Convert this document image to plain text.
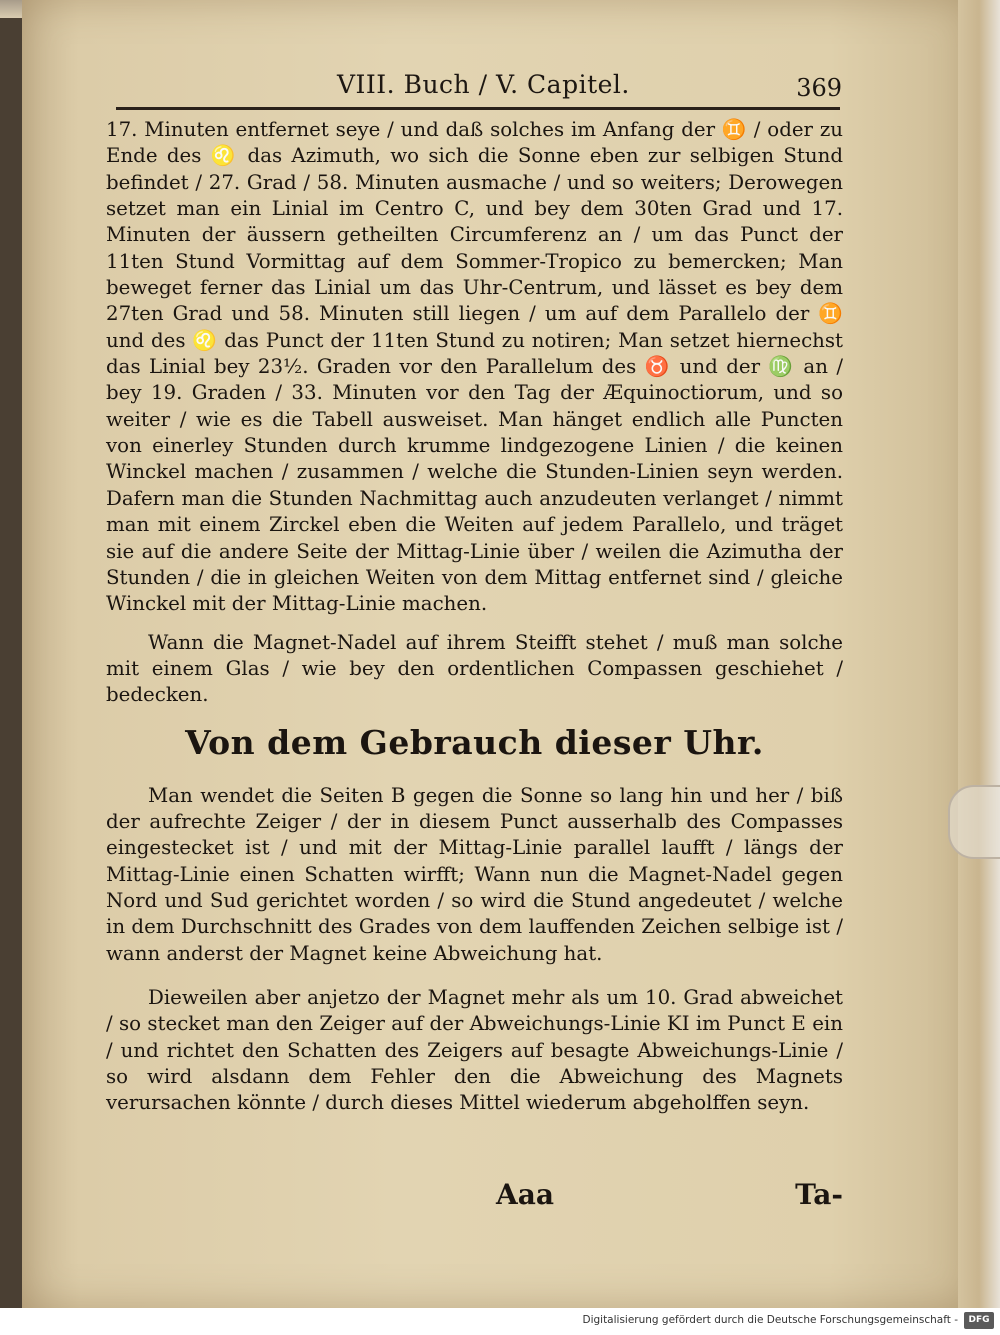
VIII. Buch / V. Capitel.	369

17. Minuten entfernet seye / und daß solches im Anfang der ♊ / oder zu Ende des ♌ das Azimuth, wo sich die Sonne eben zur selbigen Stund befindet / 27. Grad / 58. Minuten ausmache / und so weiters; Derowegen setzet man ein Linial im Centro C, und bey dem 30ten Grad und 17. Minuten der äussern getheilten Circumferenz an / um das Punct der 11ten Stund Vormittag auf dem Sommer-Tropico zu bemercken; Man beweget ferner das Linial um das Uhr-Centrum, und lässet es bey dem 27ten Grad und 58. Minuten still liegen / um auf dem Parallelo der ♊ und des ♌ das Punct der 11ten Stund zu notiren; Man setzet hiernechst das Linial bey 23½. Graden vor den Parallelum des ♉ und der ♍ an / bey 19. Graden / 33. Minuten vor den Tag der Æquinoctiorum, und so weiter / wie es die Tabell ausweiset. Man hänget endlich alle Puncten von einerley Stunden durch krumme lindgezogene Linien / die keinen Winckel machen / zusammen / welche die Stunden-Linien seyn werden. Dafern man die Stunden Nachmittag auch anzudeuten verlanget / nimmt man mit einem Zirckel eben die Weiten auf jedem Parallelo, und träget sie auf die andere Seite der Mittag-Linie über / weilen die Azimutha der Stunden / die in gleichen Weiten von dem Mittag entfernet sind / gleiche Winckel mit der Mittag-Linie machen.

Wann die Magnet-Nadel auf ihrem Steifft stehet / muß man solche mit einem Glas / wie bey den ordentlichen Compassen geschiehet / bedecken.

Von dem Gebrauch dieser Uhr.

Man wendet die Seiten B gegen die Sonne so lang hin und her / biß der aufrechte Zeiger / der in diesem Punct ausserhalb des Compasses eingestecket ist / und mit der Mittag-Linie parallel laufft / längs der Mittag-Linie einen Schatten wirfft; Wann nun die Magnet-Nadel gegen Nord und Sud gerichtet worden / so wird die Stund angedeutet / welche in dem Durchschnitt des Grades von dem lauffenden Zeichen selbige ist / wann anderst der Magnet keine Abweichung hat.

Dieweilen aber anjetzo der Magnet mehr als um 10. Grad abweichet / so stecket man den Zeiger auf der Abweichungs-Linie KI im Punct E ein / und richtet den Schatten des Zeigers auf besagte Abweichungs-Linie / so wird alsdann dem Fehler den die Abweichung des Magnets verursachen könnte / durch dieses Mittel wiederum abgeholffen seyn.

Aaa	Ta-
Digitalisierung gefördert durch die Deutsche Forschungsgemeinschaft -	DFG
